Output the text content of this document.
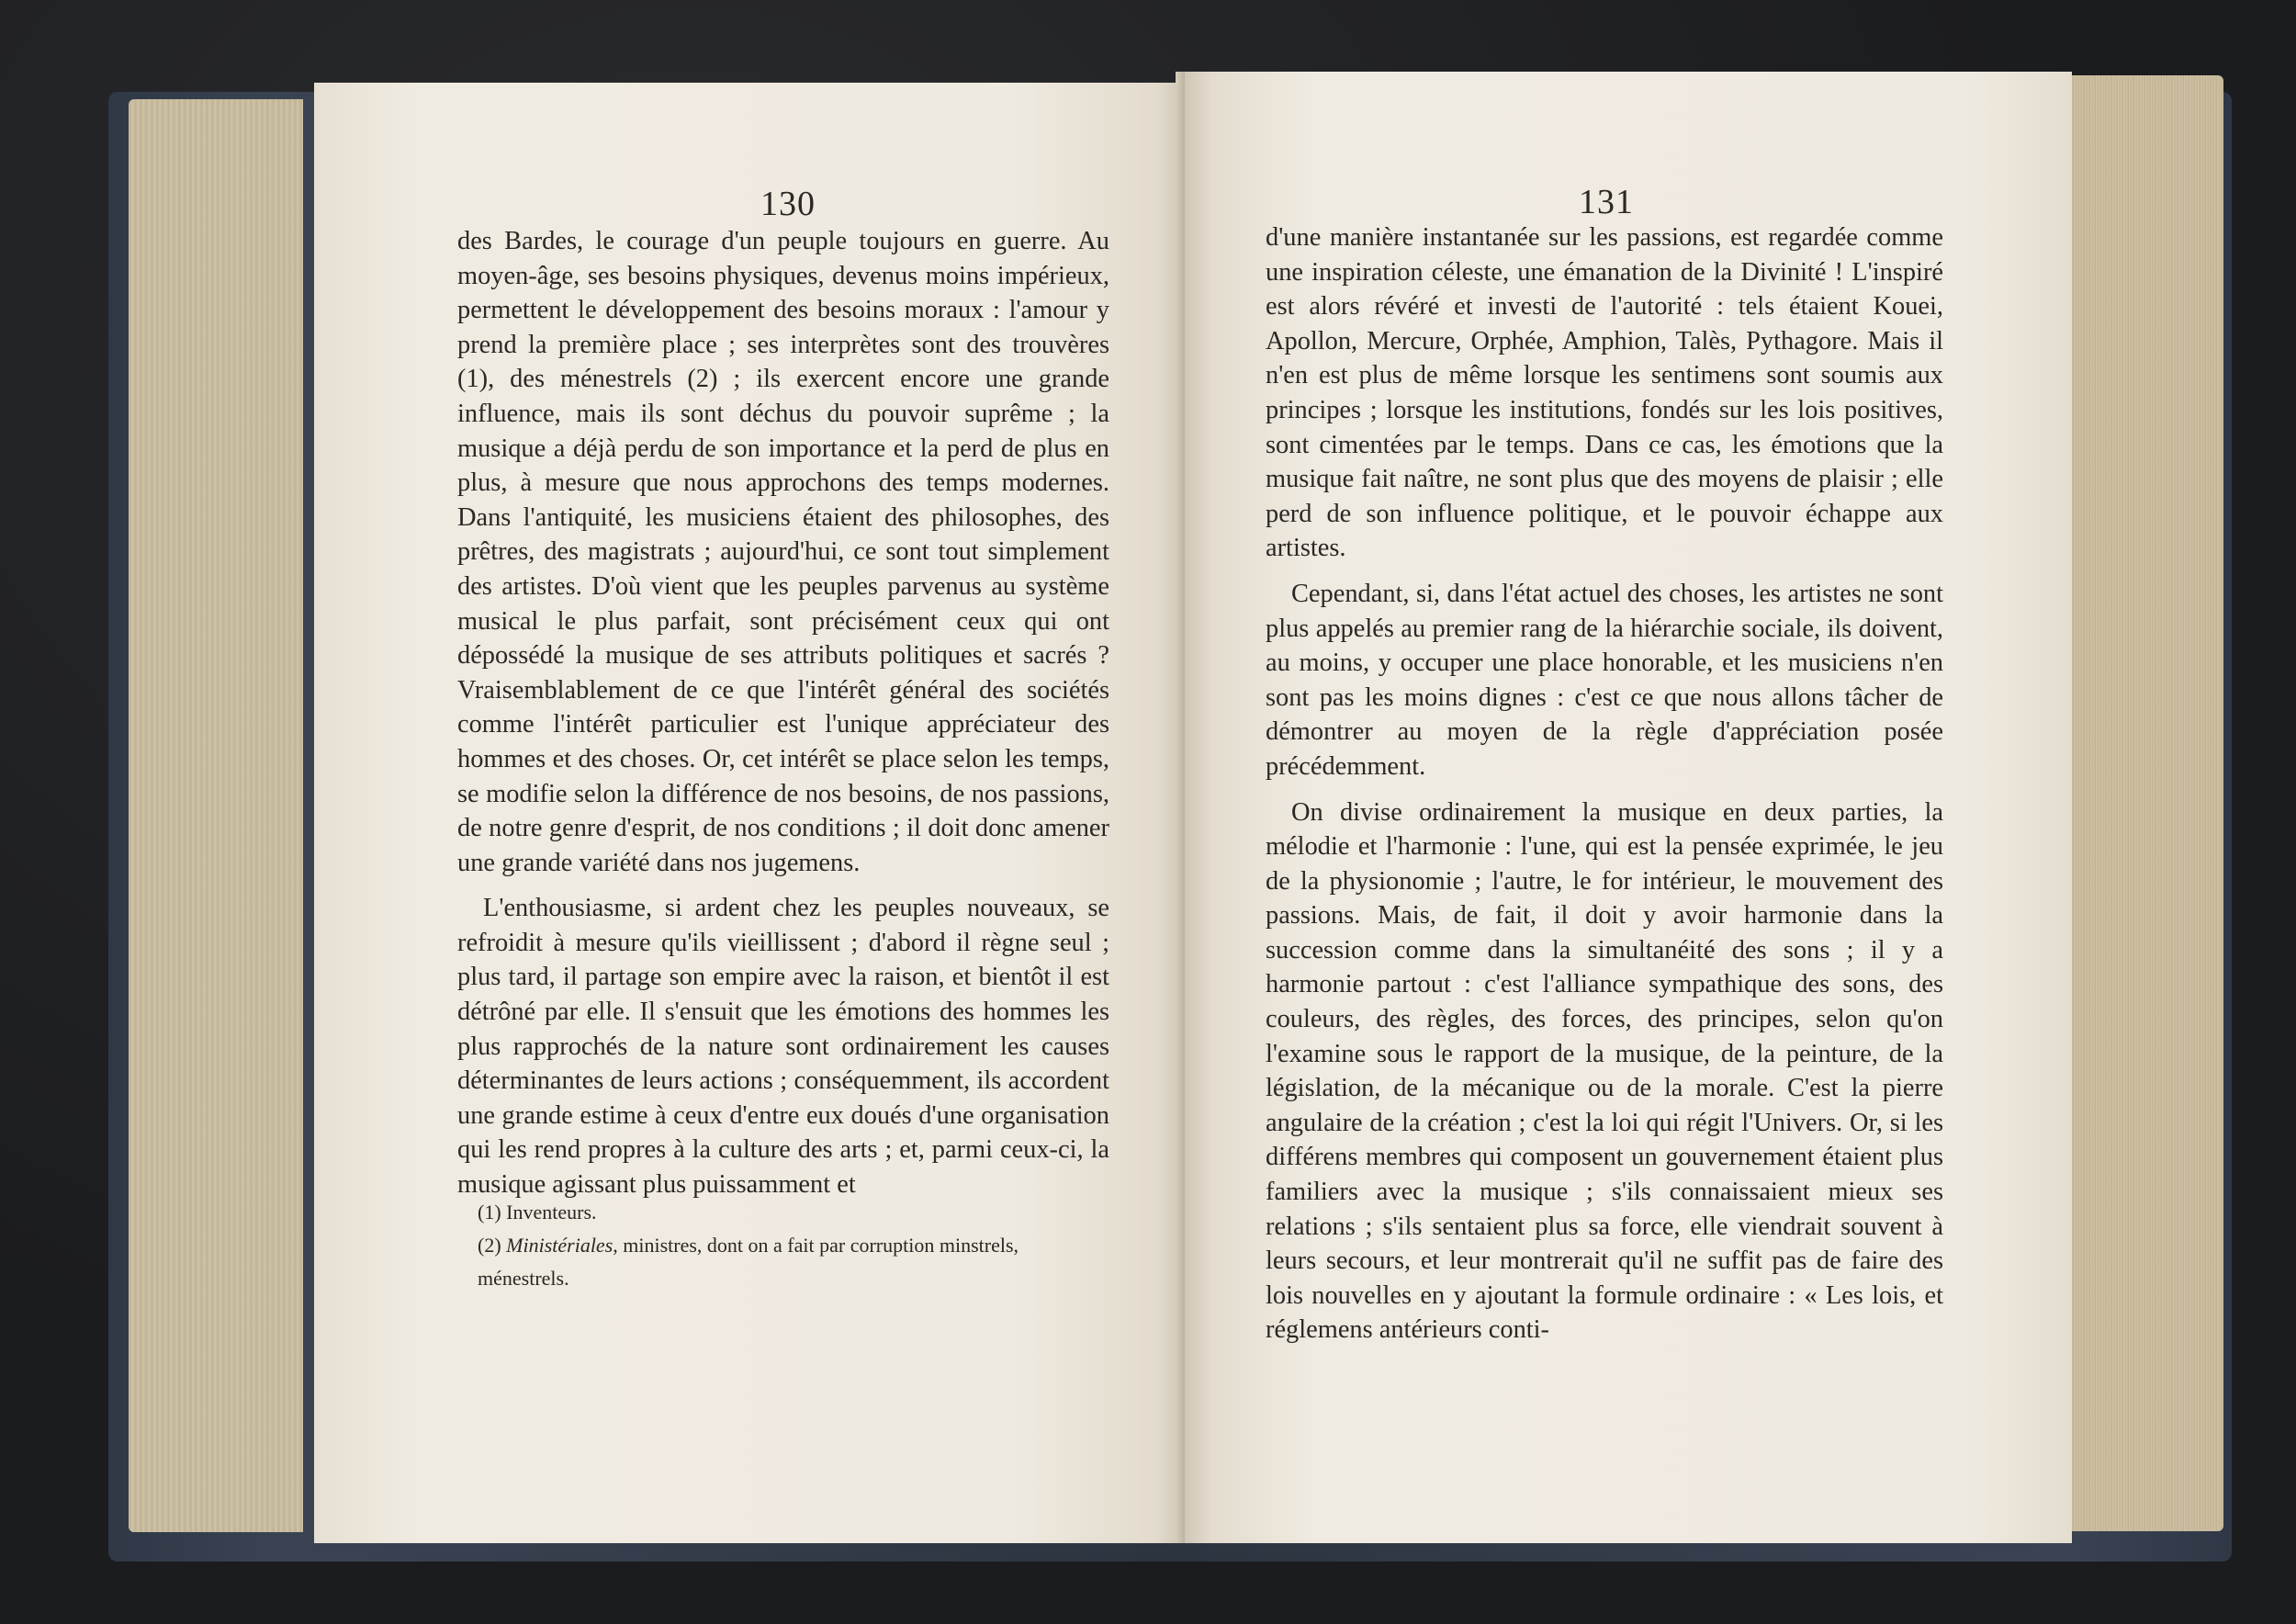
130

des Bardes, le courage d'un peuple toujours en guerre. Au moyen-âge, ses besoins physiques, devenus moins impérieux, permettent le développement des besoins moraux : l'amour y prend la première place ; ses interprètes sont des trouvères (1), des ménestrels (2) ; ils exercent encore une grande influence, mais ils sont déchus du pouvoir suprême ; la musique a déjà perdu de son importance et la perd de plus en plus, à mesure que nous approchons des temps modernes. Dans l'antiquité, les musiciens étaient des philosophes, des prêtres, des magistrats ; aujourd'hui, ce sont tout simplement des artistes. D'où vient que les peuples parvenus au système musical le plus parfait, sont précisément ceux qui ont dépossédé la musique de ses attributs politiques et sacrés ? Vraisemblablement de ce que l'intérêt général des sociétés comme l'intérêt particulier est l'unique appréciateur des hommes et des choses. Or, cet intérêt se place selon les temps, se modifie selon la différence de nos besoins, de nos passions, de notre genre d'esprit, de nos conditions ; il doit donc amener une grande variété dans nos jugemens.

L'enthousiasme, si ardent chez les peuples nouveaux, se refroidit à mesure qu'ils vieillissent ; d'abord il règne seul ; plus tard, il partage son empire avec la raison, et bientôt il est détrôné par elle. Il s'ensuit que les émotions des hommes les plus rapprochés de la nature sont ordinairement les causes déterminantes de leurs actions ; conséquemment, ils accordent une grande estime à ceux d'entre eux doués d'une organisation qui les rend propres à la culture des arts ; et, parmi ceux-ci, la musique agissant plus puissamment et

(1) Inventeurs.

(2) Ministériales, ministres, dont on a fait par corruption minstrels, ménestrels.

131

d'une manière instantanée sur les passions, est regardée comme une inspiration céleste, une émanation de la Divinité ! L'inspiré est alors révéré et investi de l'autorité : tels étaient Kouei, Apollon, Mercure, Orphée, Amphion, Talès, Pythagore. Mais il n'en est plus de même lorsque les sentimens sont soumis aux principes ; lorsque les institutions, fondés sur les lois positives, sont cimentées par le temps. Dans ce cas, les émotions que la musique fait naître, ne sont plus que des moyens de plaisir ; elle perd de son influence politique, et le pouvoir échappe aux artistes.

Cependant, si, dans l'état actuel des choses, les artistes ne sont plus appelés au premier rang de la hiérarchie sociale, ils doivent, au moins, y occuper une place honorable, et les musiciens n'en sont pas les moins dignes : c'est ce que nous allons tâcher de démontrer au moyen de la règle d'appréciation posée précédemment.

On divise ordinairement la musique en deux parties, la mélodie et l'harmonie : l'une, qui est la pensée exprimée, le jeu de la physionomie ; l'autre, le for intérieur, le mouvement des passions. Mais, de fait, il doit y avoir harmonie dans la succession comme dans la simultanéité des sons ; il y a harmonie partout : c'est l'alliance sympathique des sons, des couleurs, des règles, des forces, des principes, selon qu'on l'examine sous le rapport de la musique, de la peinture, de la législation, de la mécanique ou de la morale. C'est la pierre angulaire de la création ; c'est la loi qui régit l'Univers. Or, si les différens membres qui composent un gouvernement étaient plus familiers avec la musique ; s'ils connaissaient mieux ses relations ; s'ils sentaient plus sa force, elle viendrait souvent à leurs secours, et leur montrerait qu'il ne suffit pas de faire des lois nouvelles en y ajoutant la formule ordinaire : « Les lois, et réglemens antérieurs conti-
